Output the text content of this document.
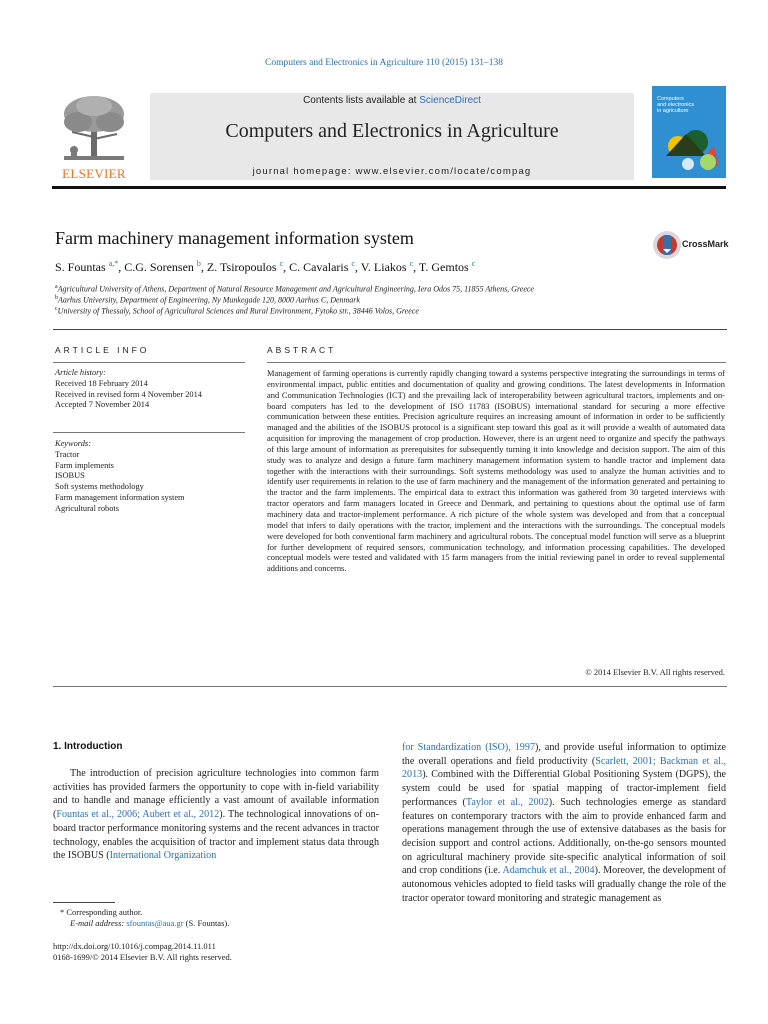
Computers and Electronics in Agriculture 110 (2015) 131–138
ELSEVIER
Contents lists available at ScienceDirect
Computers and Electronics in Agriculture
journal homepage: www.elsevier.com/locate/compag
Computers
and electronics
in agriculture
Farm machinery management information system	CrossMark
S. Fountas $^{a,*}$, C.G. Sorensen $^b$, Z. Tsiropoulos $^c$, C. Cavalaris $^c$, V. Liakos $^c$, T. Gemtos $^c$
$^a$Agricultural University of Athens, Department of Natural Resource Management and Agricultural Engineering, Iera Odos 75, 11855 Athens, Greece
$^b$Aarhus University, Department of Engineering, Ny Munkegade 120, 8000 Aarhus C, Denmark
$^c$University of Thessaly, School of Agricultural Sciences and Rural Environment, Fytoko str., 38446 Volos, Greece
ARTICLE INFO
Article history:
Received 18 February 2014
Received in revised form 4 November 2014
Accepted 7 November 2014
Keywords:
Tractor
Farm implements
ISOBUS
Soft systems methodology
Farm management information system
Agricultural robots
ABSTRACT
Management of farming operations is currently rapidly changing toward a systems perspective integrating the surroundings in terms of environmental impact, public entities and documentation of quality and growing conditions. The latest developments in Information and Communication Technologies (ICT) and the prevailing lack of interoperability between agricultural tractors, implements and on-board computers has led to the development of ISO 11783 (ISOBUS) international standard for securing a more effective communication between these entities. Precision agriculture requires an increasing amount of information in order to be sufficiently managed and the abilities of the ISOBUS protocol is a significant step toward this goal as it will provide a wealth of automated data acquisition for improving the management of crop production. However, there is an urgent need to organize and specify the pathways of this large amount of information as prerequisites for subsequently turning it into knowledge and decision support. The aim of this study was to analyze and design a future farm machinery management information system to handle tractor and implement data together with the interactions with their surroundings. Soft systems methodology was used to analyze the human activities and to identify user requirements in relation to the use of farm machinery and the management of the information generated and pertaining to the tractor and the farm implements. The empirical data to extract this information was gathered from 30 targeted interviews with tractor operators and farm managers located in Greece and Denmark, and pertaining to questions about the optimal use of farm machinery data and tractor-implement performance. A rich picture of the whole system was developed and from that a conceptual model that infers to daily operations with the tractor, implement and the interactions with the surroundings. The conceptual models were developed for both conventional farm machinery and agricultural robots. The conceptual model function will serve as a blueprint for further development of required sensors, communication technology, and information processing capabilities. The developed conceptual models were tested and validated with 15 farm managers from the initial reviewing panel in order to reveal supplemental additions and concerns.
© 2014 Elsevier B.V. All rights reserved.
1. Introduction
The introduction of precision agriculture technologies into common farm activities has provided farmers the opportunity to cope with in-field variability and to handle and manage efficiently a vast amount of available information (Fountas et al., 2006; Aubert et al., 2012). The technological innovations of on-board tractor performance monitoring systems and the recent advances in tractor technology, enables the acquisition of tractor and implement status data through the ISOBUS (International Organization
for Standardization (ISO), 1997), and provide useful information to optimize the overall operations and field productivity (Scarlett, 2001; Backman et al., 2013). Combined with the Differential Global Positioning System (DGPS), the system could be used for spatial mapping of tractor-implement field performances (Taylor et al., 2002). Such technologies emerge as standard features on contemporary tractors with the aim to provide enhanced farm and operations management through the use of extensive databases as the basis for decision support and control actions. Additionally, on-the-go sensors mounted on agricultural machinery provide site-specific analytical information of soil and crop conditions (i.e. Adamchuk et al., 2004). Moreover, the development of autonomous vehicles adopted to field tasks will gradually change the role of the tractor operator toward monitoring and strategic management as
* Corresponding author.
E-mail address: sfountas@aua.gr (S. Fountas).
http://dx.doi.org/10.1016/j.compag.2014.11.011
0168-1699/© 2014 Elsevier B.V. All rights reserved.
